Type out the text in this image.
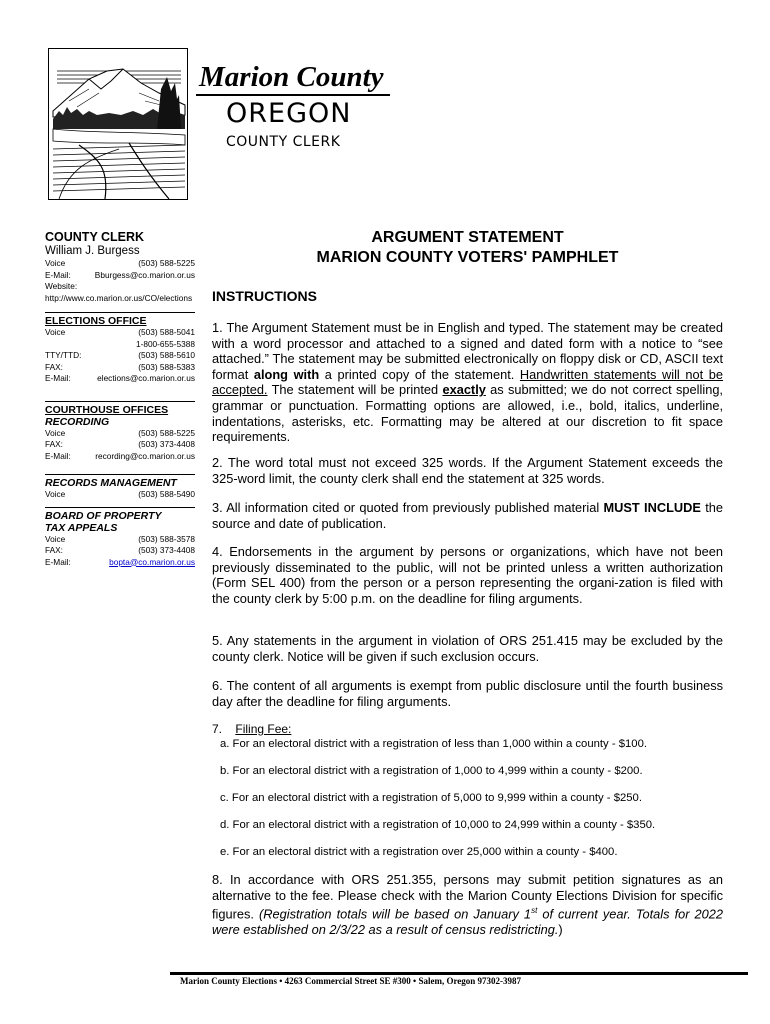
Marion County
OREGON
COUNTY CLERK
COUNTY CLERK
William J. Burgess
Voice	(503) 588-5225
E-Mail:	Bburgess@co.marion.or.us
Website:
http://www.co.marion.or.us/CO/elections
ELECTIONS OFFICE
Voice	(503) 588-5041
1-800-655-5388
TTY/TTD:	(503) 588-5610
FAX:	(503) 588-5383
E-Mail:	elections@co.marion.or.us
COURTHOUSE OFFICES
RECORDING
Voice	(503) 588-5225
FAX:	(503) 373-4408
E-Mail:	recording@co.marion.or.us
RECORDS MANAGEMENT
Voice	(503) 588-5490
BOARD OF PROPERTY
TAX APPEALS
Voice	(503) 588-3578
FAX:	(503) 373-4408
E-Mail:	bopta@co.marion.or.us
ARGUMENT STATEMENT
MARION COUNTY VOTERS' PAMPHLET
INSTRUCTIONS

1. The Argument Statement must be in English and typed. The statement may be created with a word processor and attached to a signed and dated form with a notice to “see attached.” The statement may be submitted electronically on floppy disk or CD, ASCII text format along with a printed copy of the statement. Handwritten statements will not be accepted. The statement will be printed exactly as submitted; we do not correct spelling, grammar or punctuation. Formatting options are allowed, i.e., bold, italics, underline, indentations, asterisks, etc. Formatting may be altered at our discretion to fit space requirements.

2. The word total must not exceed 325 words. If the Argument Statement exceeds the 325-word limit, the county clerk shall end the statement at 325 words.

3. All information cited or quoted from previously published material MUST INCLUDE the source and date of publication.

4. Endorsements in the argument by persons or organizations, which have not been previously disseminated to the public, will not be printed unless a written authorization (Form SEL 400) from the person or a person representing the organi-zation is filed with the county clerk by 5:00 p.m. on the deadline for filing arguments.

5. Any statements in the argument in violation of ORS 251.415 may be excluded by the county clerk. Notice will be given if such exclusion occurs.

6. The content of all arguments is exempt from public disclosure until the fourth business day after the deadline for filing arguments.

7. Filing Fee:
a. For an electoral district with a registration of less than 1,000 within a county - $100.
b. For an electoral district with a registration of 1,000 to 4,999 within a county - $200.
c. For an electoral district with a registration of 5,000 to 9,999 within a county - $250.
d. For an electoral district with a registration of 10,000 to 24,999 within a county - $350.
e. For an electoral district with a registration over 25,000 within a county - $400.

8. In accordance with ORS 251.355, persons may submit petition signatures as an alternative to the fee. Please check with the Marion County Elections Division for specific figures. (Registration totals will be based on January 1st of current year. Totals for 2022 were established on 2/3/22 as a result of census redistricting.)

Marion County Elections • 4263 Commercial Street SE #300 • Salem, Oregon 97302-3987
